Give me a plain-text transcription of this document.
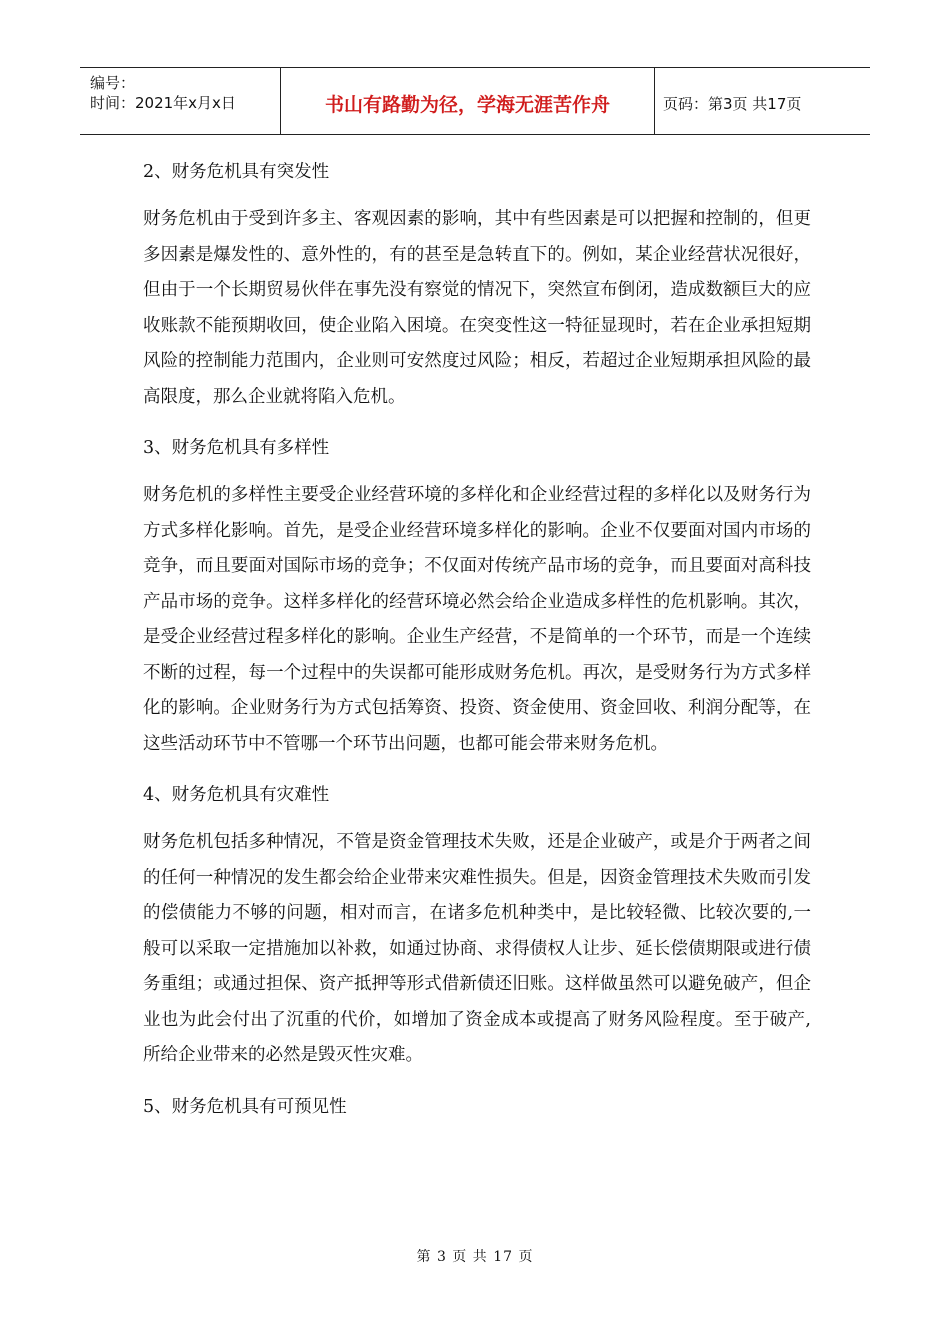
编号：
时间：2021年x月x日	书山有路勤为径，学海无涯苦作舟	页码：第3页 共17页
2、财务危机具有突发性
财务危机由于受到许多主、客观因素的影响，其中有些因素是可以把握和控制的，但更多因素是爆发性的、意外性的，有的甚至是急转直下的。例如，某企业经营状况很好，但由于一个长期贸易伙伴在事先没有察觉的情况下，突然宣布倒闭，造成数额巨大的应收账款不能预期收回，使企业陷入困境。在突变性这一特征显现时，若在企业承担短期风险的控制能力范围内，企业则可安然度过风险；相反，若超过企业短期承担风险的最高限度，那么企业就将陷入危机。
3、财务危机具有多样性
财务危机的多样性主要受企业经营环境的多样化和企业经营过程的多样化以及财务行为方式多样化影响。首先，是受企业经营环境多样化的影响。企业不仅要面对国内市场的竞争，而且要面对国际市场的竞争；不仅面对传统产品市场的竞争，而且要面对高科技产品市场的竞争。这样多样化的经营环境必然会给企业造成多样性的危机影响。其次，是受企业经营过程多样化的影响。企业生产经营，不是简单的一个环节，而是一个连续不断的过程，每一个过程中的失误都可能形成财务危机。再次，是受财务行为方式多样化的影响。企业财务行为方式包括筹资、投资、资金使用、资金回收、利润分配等，在这些活动环节中不管哪一个环节出问题，也都可能会带来财务危机。
4、财务危机具有灾难性
财务危机包括多种情况，不管是资金管理技术失败，还是企业破产，或是介于两者之间的任何一种情况的发生都会给企业带来灾难性损失。但是，因资金管理技术失败而引发的偿债能力不够的问题，相对而言，在诸多危机种类中，是比较轻微、比较次要的,一般可以采取一定措施加以补救，如通过协商、求得债权人让步、延长偿债期限或进行债务重组；或通过担保、资产抵押等形式借新债还旧账。这样做虽然可以避免破产，但企业也为此会付出了沉重的代价，如增加了资金成本或提高了财务风险程度。至于破产,所给企业带来的必然是毁灭性灾难。
5、财务危机具有可预见性
第 3 页 共 17 页
